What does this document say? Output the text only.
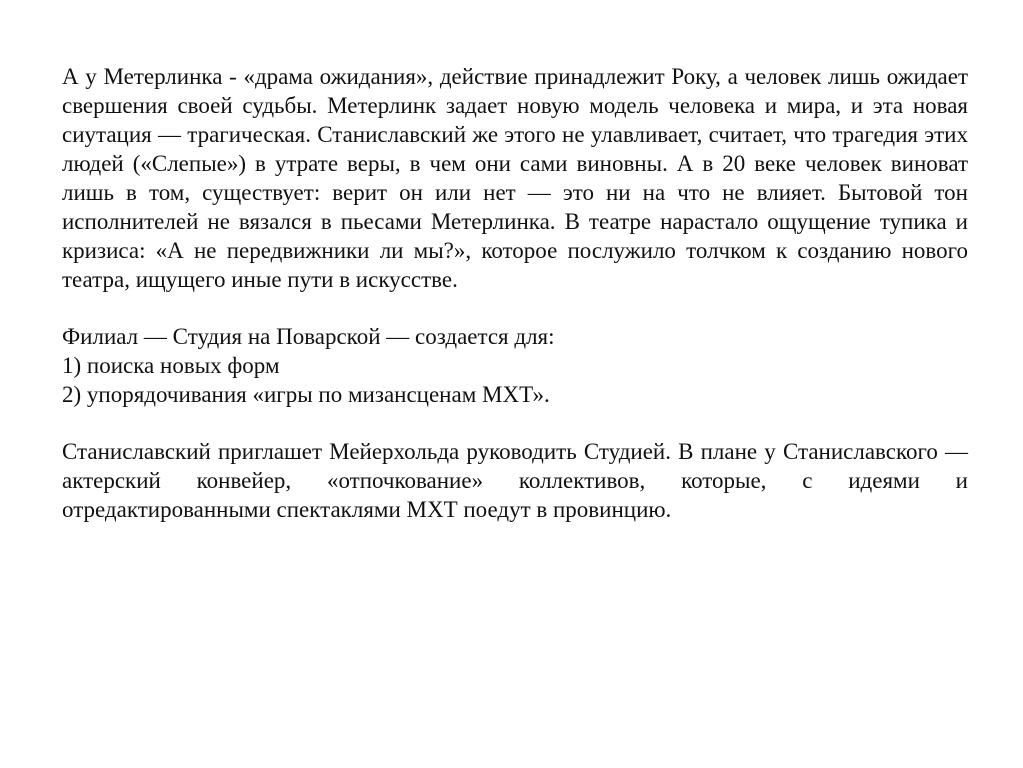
А у Метерлинка - «драма ожидания», действие принадлежит Року, а человек лишь ожидает свершения своей судьбы. Метерлинк задает новую модель человека и мира, и эта новая сиутация — трагическая. Станиславский же этого не улавливает, считает, что трагедия этих людей («Слепые») в утрате веры, в чем они сами виновны. А в 20 веке человек виноват лишь в том, существует: верит он или нет — это ни на что не влияет. Бытовой тон исполнителей не вязался в пьесами Метерлинка. В театре нарастало ощущение тупика и кризиса: «А не передвижники ли мы?», которое послужило толчком к созданию нового театра, ищущего иные пути в искусстве.

Филиал — Студия на Поварской — создается для:

1) поиска новых форм

2) упорядочивания «игры по мизансценам МХТ».

Станиславский приглашет Мейерхольда руководить Студией. В плане у Станиславского — актерский конвейер, «отпочкование» коллективов, которые, с идеями и отредактированными спектаклями МХТ поедут в провинцию.
